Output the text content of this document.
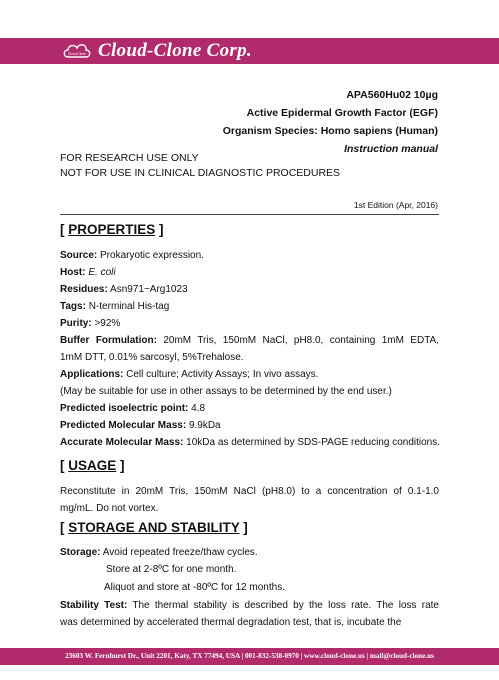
Cloud-Clone Cloud-Clone Corp.
APA560Hu02 10µg
Active Epidermal Growth Factor (EGF)
Organism Species: Homo sapiens (Human)
Instruction manual
FOR RESEARCH USE ONLY
NOT FOR USE IN CLINICAL DIAGNOSTIC PROCEDURES
1st Edition (Apr, 2016)
[ PROPERTIES ]
Source: Prokaryotic expression.
Host: E. coli
Residues: Asn971~Arg1023
Tags: N-terminal His-tag
Purity: >92%
Buffer Formulation: 20mM Tris, 150mM NaCl, pH8.0, containing 1mM EDTA,
1mM DTT, 0.01% sarcosyl, 5%Trehalose.
Applications: Cell culture; Activity Assays; In vivo assays.
(May be suitable for use in other assays to be determined by the end user.)
Predicted isoelectric point: 4.8
Predicted Molecular Mass: 9.9kDa
Accurate Molecular Mass: 10kDa as determined by SDS-PAGE reducing conditions.
[ USAGE ]
Reconstitute in 20mM Tris, 150mM NaCl (pH8.0) to a concentration of 0.1-1.0
mg/mL. Do not vortex.
[ STORAGE AND STABILITY ]
Storage: Avoid repeated freeze/thaw cycles.
Store at 2-8ºC for one month.
Aliquot and store at -80ºC for 12 months.
Stability Test: The thermal stability is described by the loss rate. The loss rate
was determined by accelerated thermal degradation test, that is, incubate the
23603 W. Fernhurst Dr., Unit 2201, Katy, TX 77494, USA | 001-832-538-0970 | www.cloud-clone.us | mail@cloud-clone.us
